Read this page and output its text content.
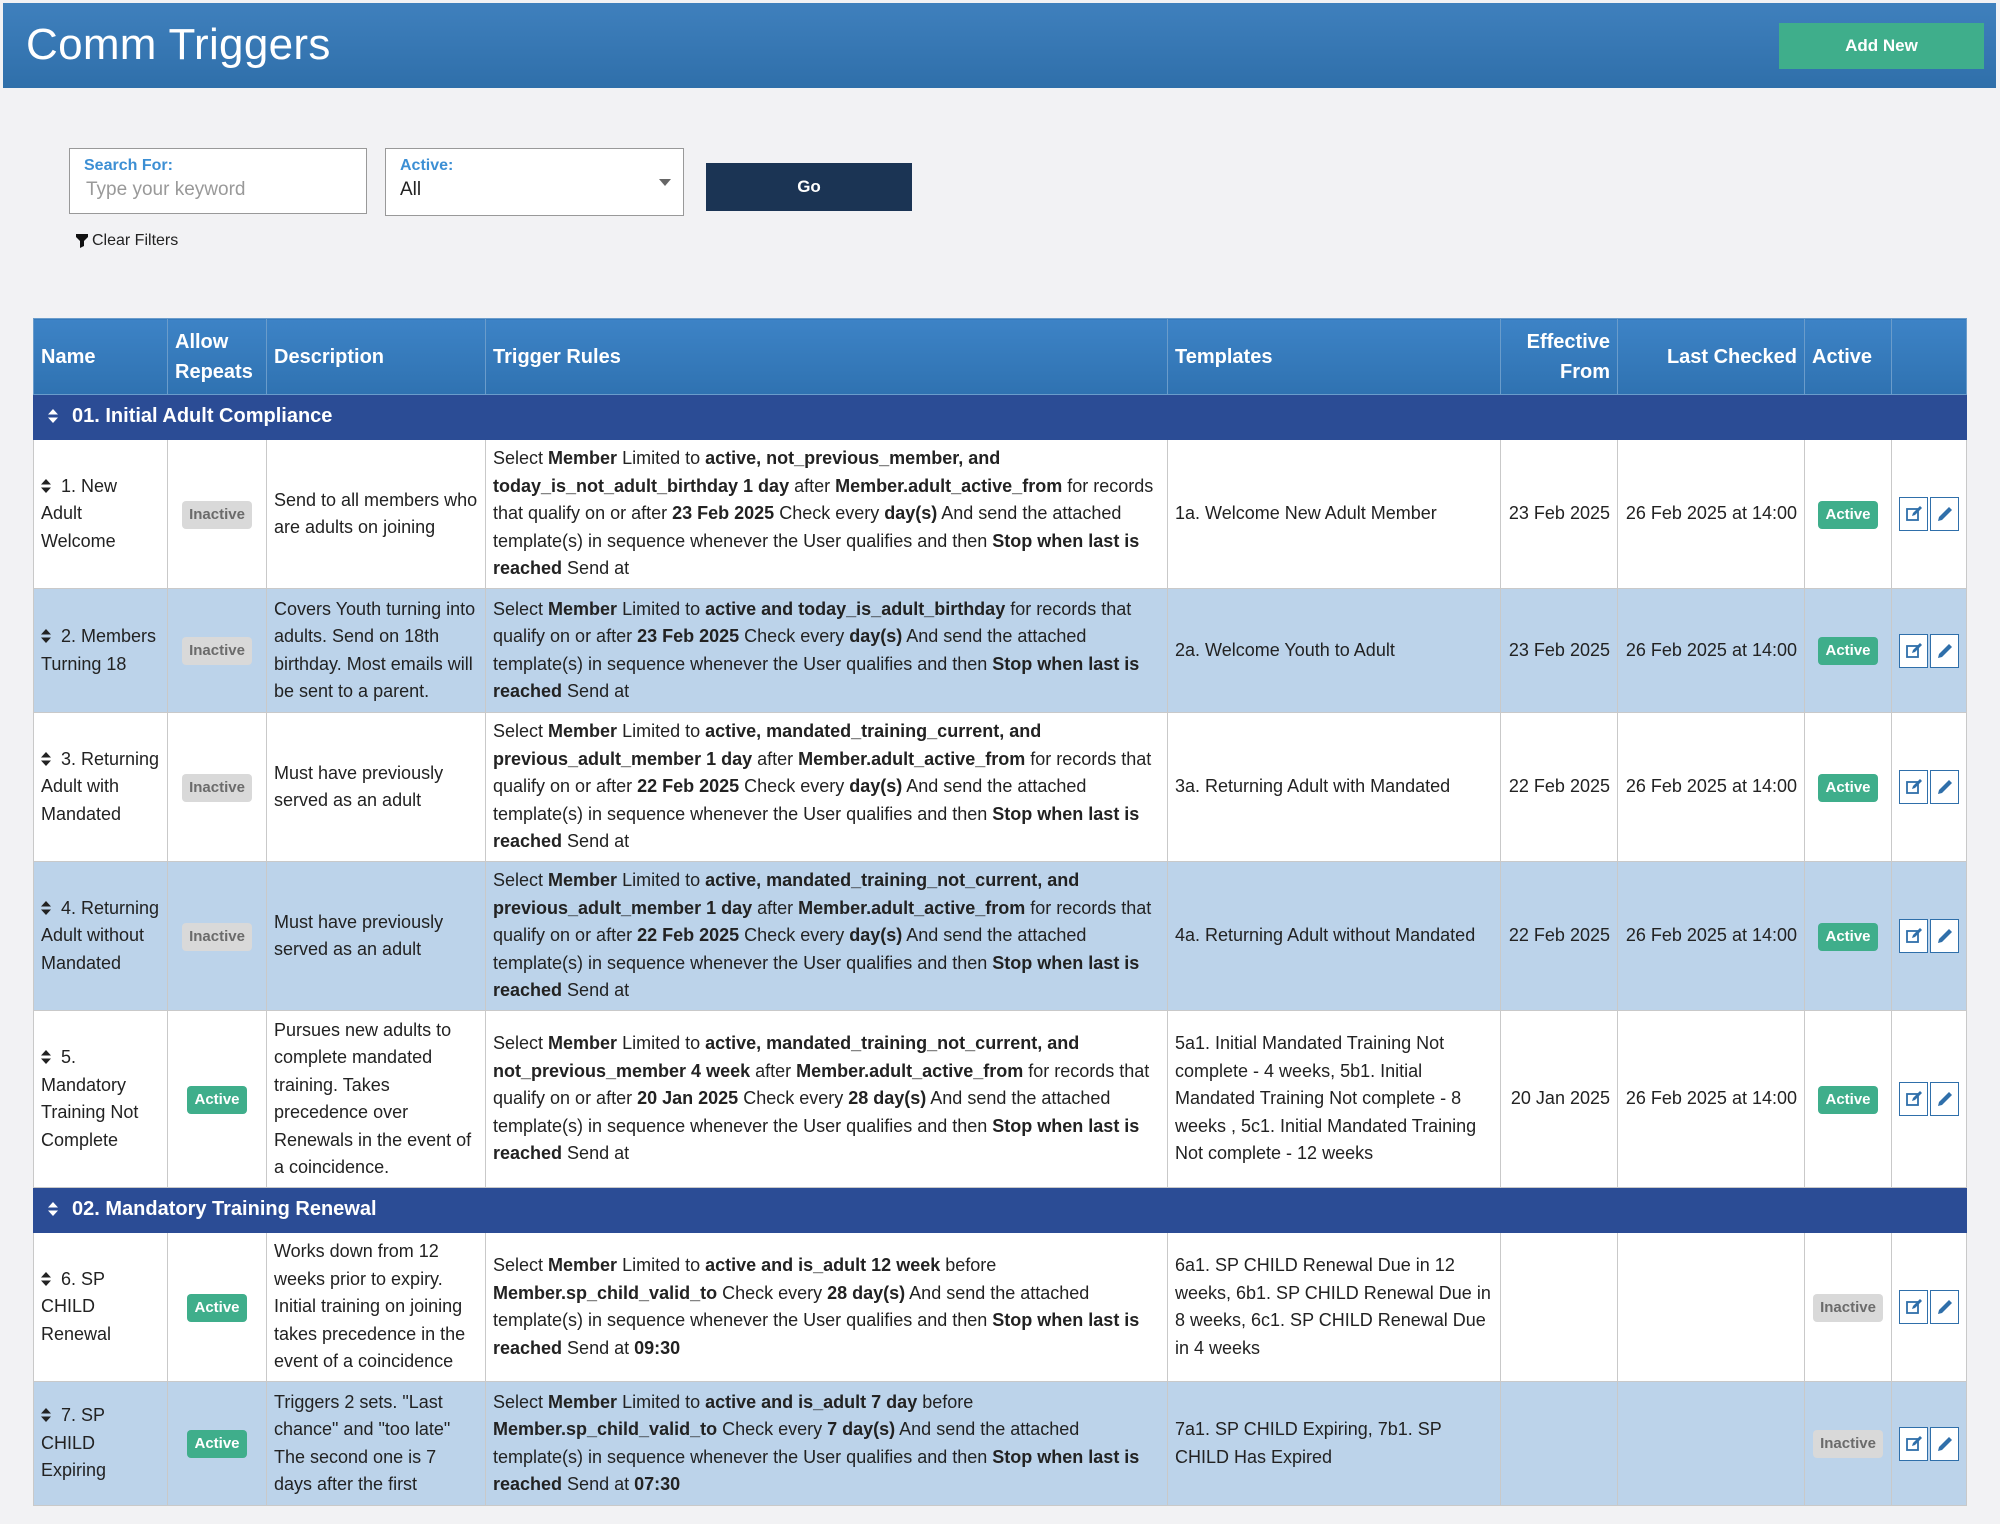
Comm Triggers	Add New
Search For:
Type your keyword
Active:
All	Go
Clear Filters
Name	Allow
Repeats	Description	Trigger Rules	Templates	Effective
From	Last Checked	Active	
01. Initial Adult Compliance								
1. New Adult Welcome	Inactive	Send to all members who are adults on joining	Select Member Limited to active, not_previous_member, and today_is_not_adult_birthday 1 day after Member.adult_active_from for records that qualify on or after 23 Feb 2025 Check every day(s) And send the attached template(s) in sequence whenever the User qualifies and then Stop when last is reached Send at	1a. Welcome New Adult Member	23 Feb 2025	26 Feb 2025 at 14:00	Active	

2. Members Turning 18	Inactive	Covers Youth turning into adults. Send on 18th birthday. Most emails will be sent to a parent.	Select Member Limited to active and today_is_adult_birthday for records that qualify on or after 23 Feb 2025 Check every day(s) And send the attached template(s) in sequence whenever the User qualifies and then Stop when last is reached Send at	2a. Welcome Youth to Adult	23 Feb 2025	26 Feb 2025 at 14:00	Active	

3. Returning Adult with Mandated	Inactive	Must have previously served as an adult	Select Member Limited to active, mandated_training_current, and previous_adult_member 1 day after Member.adult_active_from for records that qualify on or after 22 Feb 2025 Check every day(s) And send the attached template(s) in sequence whenever the User qualifies and then Stop when last is reached Send at	3a. Returning Adult with Mandated	22 Feb 2025	26 Feb 2025 at 14:00	Active	

4. Returning Adult without Mandated	Inactive	Must have previously served as an adult	Select Member Limited to active, mandated_training_not_current, and previous_adult_member 1 day after Member.adult_active_from for records that qualify on or after 22 Feb 2025 Check every day(s) And send the attached template(s) in sequence whenever the User qualifies and then Stop when last is reached Send at	4a. Returning Adult without Mandated	22 Feb 2025	26 Feb 2025 at 14:00	Active	

5. Mandatory Training Not Complete	Active	Pursues new adults to complete mandated training. Takes precedence over Renewals in the event of a coincidence.	Select Member Limited to active, mandated_training_not_current, and not_previous_member 4 week after Member.adult_active_from for records that qualify on or after 20 Jan 2025 Check every 28 day(s) And send the attached template(s) in sequence whenever the User qualifies and then Stop when last is reached Send at	5a1. Initial Mandated Training Not complete - 4 weeks, 5b1. Initial Mandated Training Not complete - 8 weeks , 5c1. Initial Mandated Training Not complete - 12 weeks	20 Jan 2025	26 Feb 2025 at 14:00	Active	

02. Mandatory Training Renewal								
6. SP CHILD Renewal	Active	Works down from 12 weeks prior to expiry. Initial training on joining takes precedence in the event of a coincidence	Select Member Limited to active and is_adult 12 week before Member.sp_child_valid_to Check every 28 day(s) And send the attached template(s) in sequence whenever the User qualifies and then Stop when last is reached Send at 09:30	6a1. SP CHILD Renewal Due in 12 weeks, 6b1. SP CHILD Renewal Due in 8 weeks, 6c1. SP CHILD Renewal Due in 4 weeks			Inactive	

7. SP CHILD Expiring	Active	Triggers 2 sets. "Last chance" and "too late" The second one is 7 days after the first	Select Member Limited to active and is_adult 7 day before Member.sp_child_valid_to Check every 7 day(s) And send the attached template(s) in sequence whenever the User qualifies and then Stop when last is reached Send at 07:30	7a1. SP CHILD Expiring, 7b1. SP CHILD Has Expired			Inactive	
